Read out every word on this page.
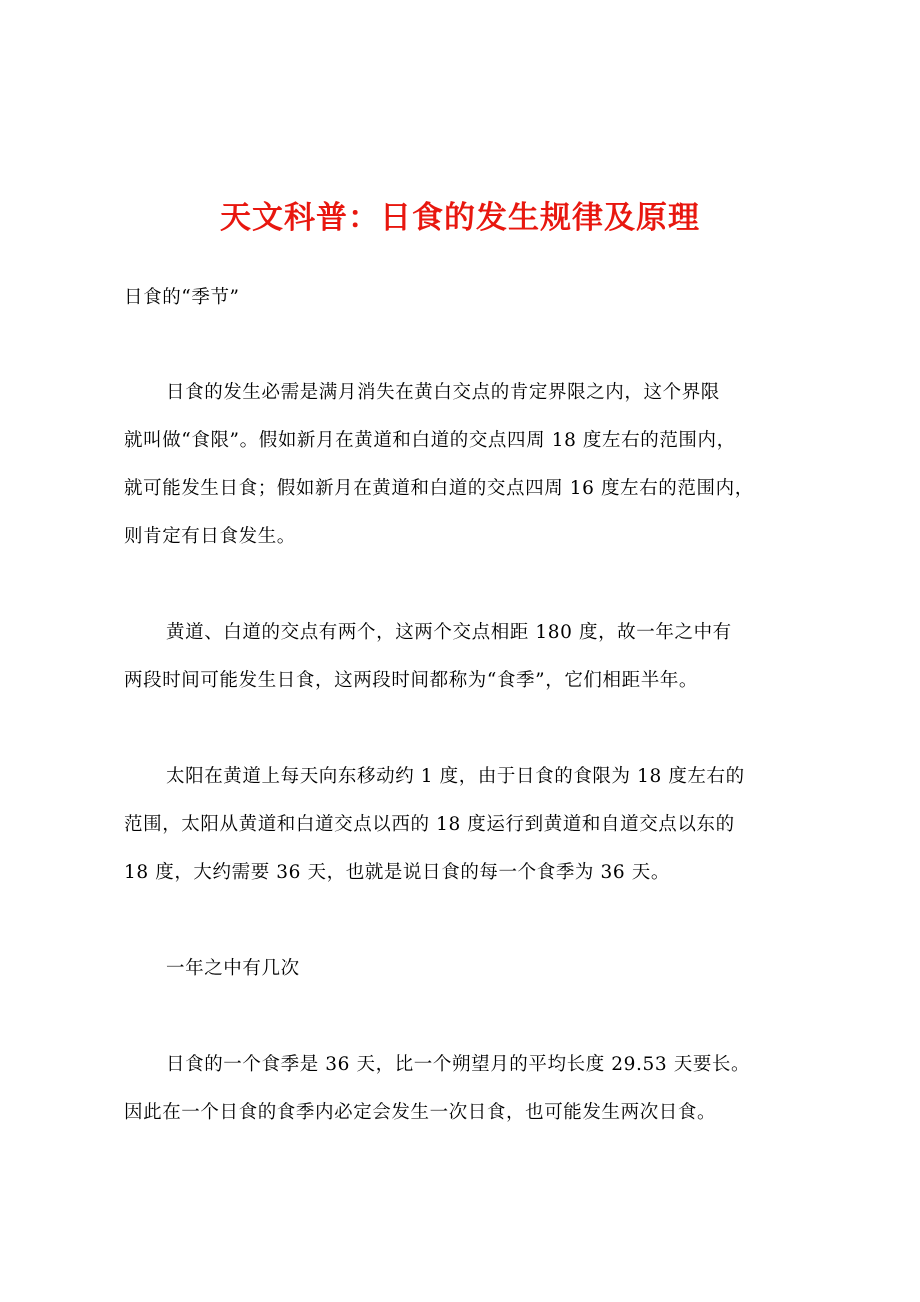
天文科普：日食的发生规律及原理
日食的“季节”
日食的发生必需是满月消失在黄白交点的肯定界限之内，这个界限
就叫做“食限”。假如新月在黄道和白道的交点四周 18 度左右的范围内，
就可能发生日食；假如新月在黄道和白道的交点四周 16 度左右的范围内，
则肯定有日食发生。
黄道、白道的交点有两个，这两个交点相距 180 度，故一年之中有
两段时间可能发生日食，这两段时间都称为“食季”，它们相距半年。
太阳在黄道上每天向东移动约 1 度，由于日食的食限为 18 度左右的
范围，太阳从黄道和白道交点以西的 18 度运行到黄道和自道交点以东的
18 度，大约需要 36 天，也就是说日食的每一个食季为 36 天。
一年之中有几次
日食的一个食季是 36 天，比一个朔望月的平均长度 29.53 天要长。
因此在一个日食的食季内必定会发生一次日食，也可能发生两次日食。
